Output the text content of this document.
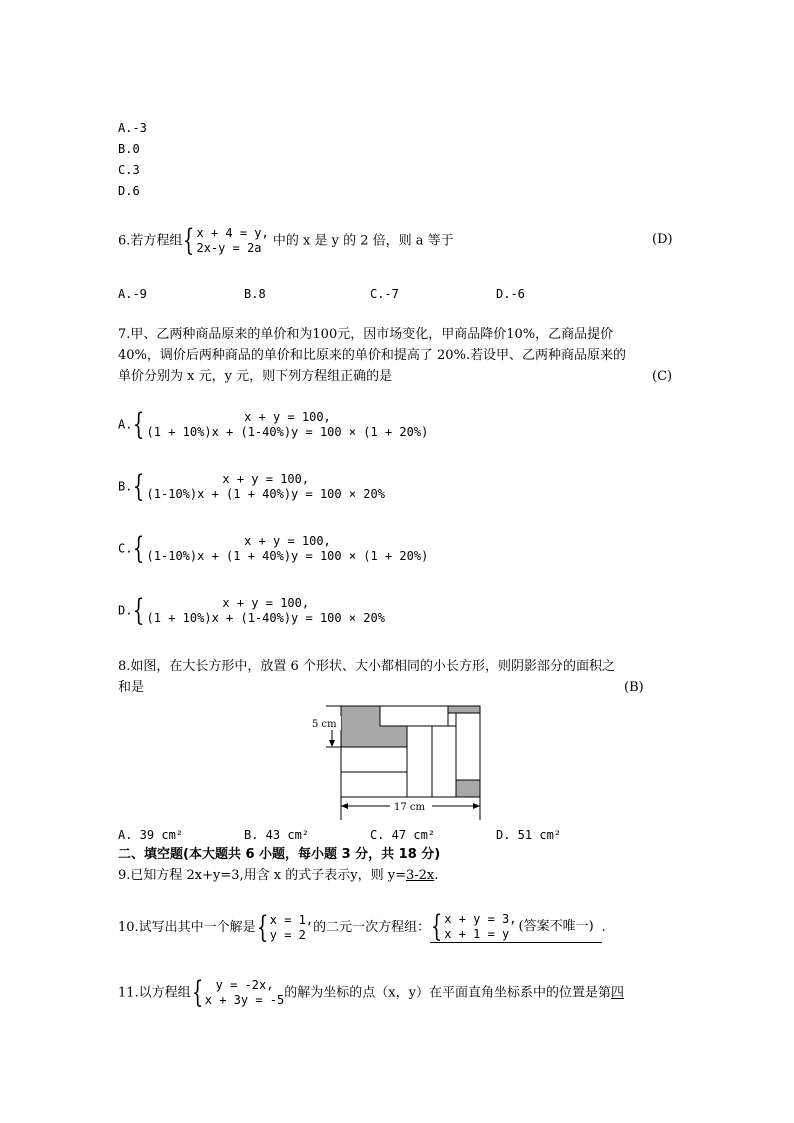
A.-3
B.0
C.3
D.6
6.若方程组 { x + 4 = y,
2x-y = 2a 中的 x 是 y 的 2 倍，则 a 等于	(D)
A.-9	B.8	C.-7	D.-6
7.甲、乙两种商品原来的单价和为100元，因市场变化，甲商品降价10%，乙商品提价
40%，调价后两种商品的单价和比原来的单价和提高了 20%.若设甲、乙两种商品原来的
单价分别为 x 元，y 元，则下列方程组正确的是	(C)
A. {	x + y = 100,
(1 + 10%)x + (1-40%)y = 100 × (1 + 20%)
B. {	x + y = 100,
(1-10%)x + (1 + 40%)y = 100 × 20%
C. {	x + y = 100,
(1-10%)x + (1 + 40%)y = 100 × (1 + 20%)
D. {	x + y = 100,
(1 + 10%)x + (1-40%)y = 100 × 20%
8.如图，在大长方形中，放置 6 个形状、大小都相同的小长方形，则阴影部分的面积之
和是	(B)
5 cm
17 cm
A. 39 cm²	B. 43 cm²	C. 47 cm²	D. 51 cm²
二、填空题(本大题共 6 小题，每小题 3 分，共 18 分)
9.已知方程 2x+y=3,用含 x 的式子表示y，则 y=3-2x.
10.试写出其中一个解是 { x = 1,
y = 2 的二元一次方程组： { x + y = 3,
x + 1 = y (答案不唯一) .
11.以方程组 {	y = -2x,
x + 3y = -5 的解为坐标的点（x，y）在平面直角坐标系中的位置是第四
